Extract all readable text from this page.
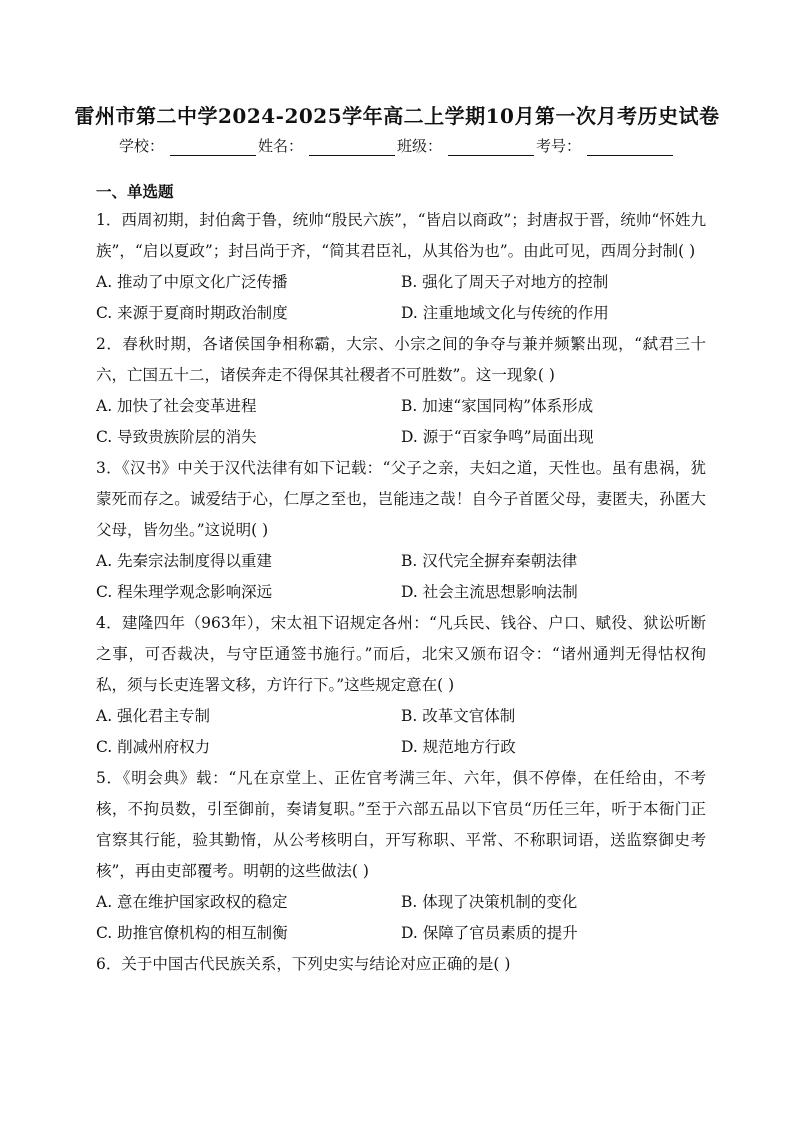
雷州市第二中学2024-2025学年高二上学期10月第一次月考历史试卷
学校：	姓名：	班级：	考号：
一、单选题

1．西周初期，封伯禽于鲁，统帅“殷民六族”，“皆启以商政”；封唐叔于晋，统帅“怀姓九族”，“启以夏政”；封吕尚于齐，“简其君臣礼，从其俗为也”。由此可见，西周分封制( )

A. 推动了中原文化广泛传播	B. 强化了周天子对地方的控制
C. 来源于夏商时期政治制度	D. 注重地域文化与传统的作用

2．春秋时期，各诸侯国争相称霸，大宗、小宗之间的争夺与兼并频繁出现，“弑君三十六，亡国五十二，诸侯奔走不得保其社稷者不可胜数”。这一现象( )

A. 加快了社会变革进程	B. 加速“家国同构”体系形成
C. 导致贵族阶层的消失	D. 源于“百家争鸣”局面出现

3．《汉书》中关于汉代法律有如下记载：“父子之亲，夫妇之道，天性也。虽有患祸，犹蒙死而存之。诚爱结于心，仁厚之至也，岂能违之哉！自今子首匿父母，妻匿夫，孙匿大父母，皆勿坐。”这说明( )

A. 先秦宗法制度得以重建	B. 汉代完全摒弃秦朝法律
C. 程朱理学观念影响深远	D. 社会主流思想影响法制

4．建隆四年（963年），宋太祖下诏规定各州：“凡兵民、钱谷、户口、赋役、狱讼听断之事，可否裁决，与守臣通签书施行。”而后，北宋又颁布诏令：“诸州通判无得怙权徇私，须与长吏连署文移，方许行下。”这些规定意在( )

A. 强化君主专制	B. 改革文官体制
C. 削减州府权力	D. 规范地方行政

5．《明会典》载：“凡在京堂上、正佐官考满三年、六年，俱不停俸，在任给由，不考核，不拘员数，引至御前，奏请复职。”至于六部五品以下官员“历任三年，听于本衙门正官察其行能，验其勤惰，从公考核明白，开写称职、平常、不称职词语，送监察御史考核”，再由吏部覆考。明朝的这些做法( )

A. 意在维护国家政权的稳定	B. 体现了决策机制的变化
C. 助推官僚机构的相互制衡	D. 保障了官员素质的提升

6．关于中国古代民族关系，下列史实与结论对应正确的是( )
